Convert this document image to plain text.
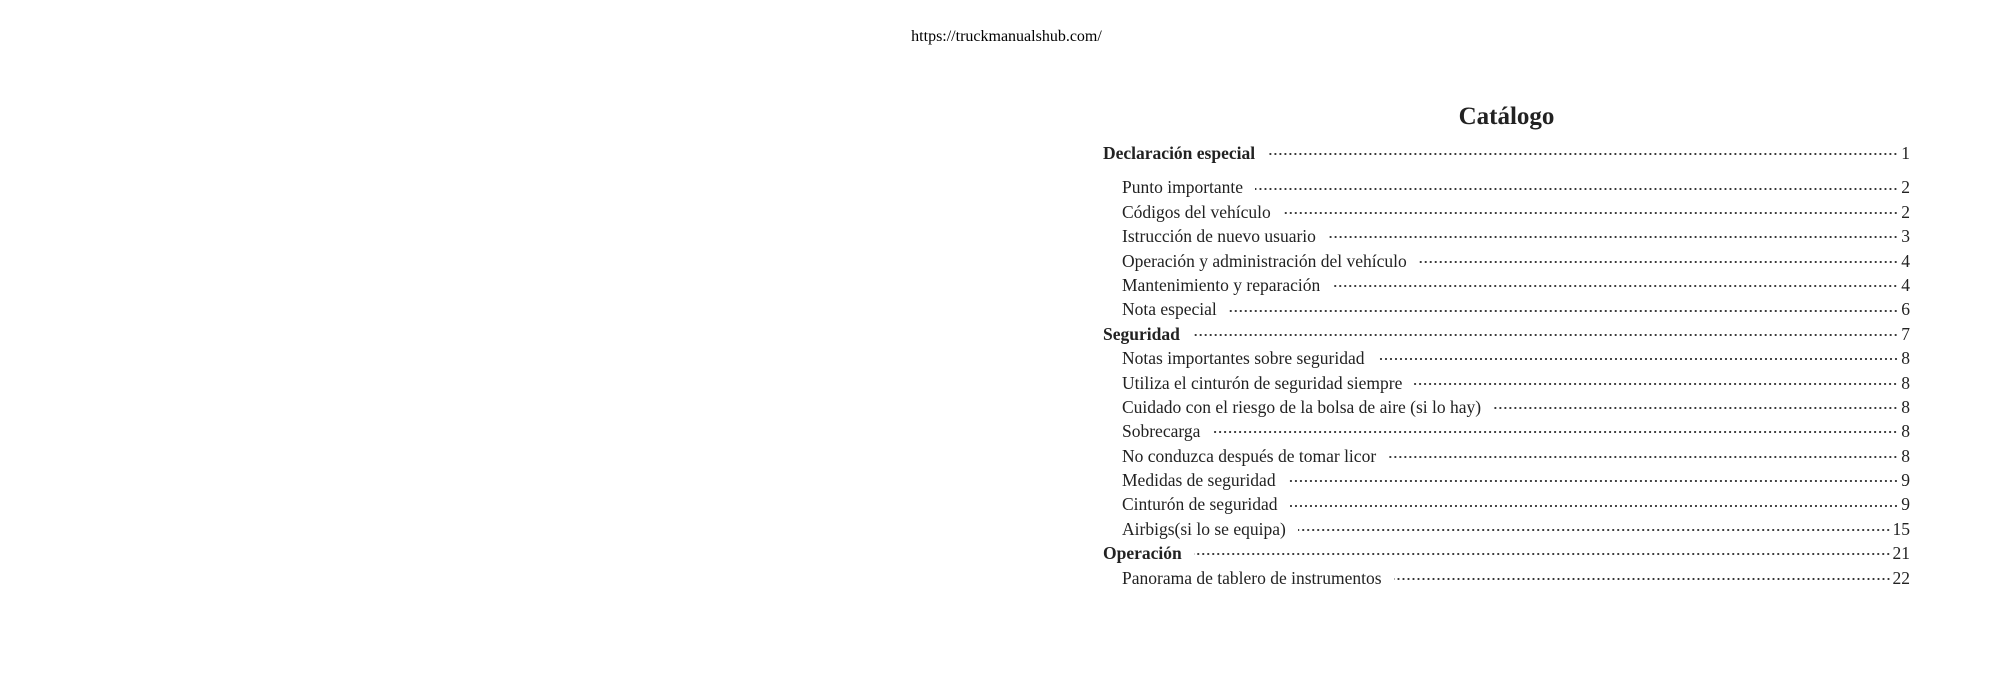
https://truckmanualshub.com/
Catálogo
Declaración especial	1
Punto importante	2
Códigos del vehículo	2
Istrucción de nuevo usuario	3
Operación y administración del vehículo	4
Mantenimiento y reparación	4
Nota especial	6
Seguridad	7
Notas importantes sobre seguridad	8
Utiliza el cinturón de seguridad siempre	8
Cuidado con el riesgo de la bolsa de aire (si lo hay)	8
Sobrecarga	8
No conduzca después de tomar licor	8
Medidas de seguridad	9
Cinturón de seguridad	9
Airbigs(si lo se equipa)	15
Operación	21
Panorama de tablero de instrumentos	22
